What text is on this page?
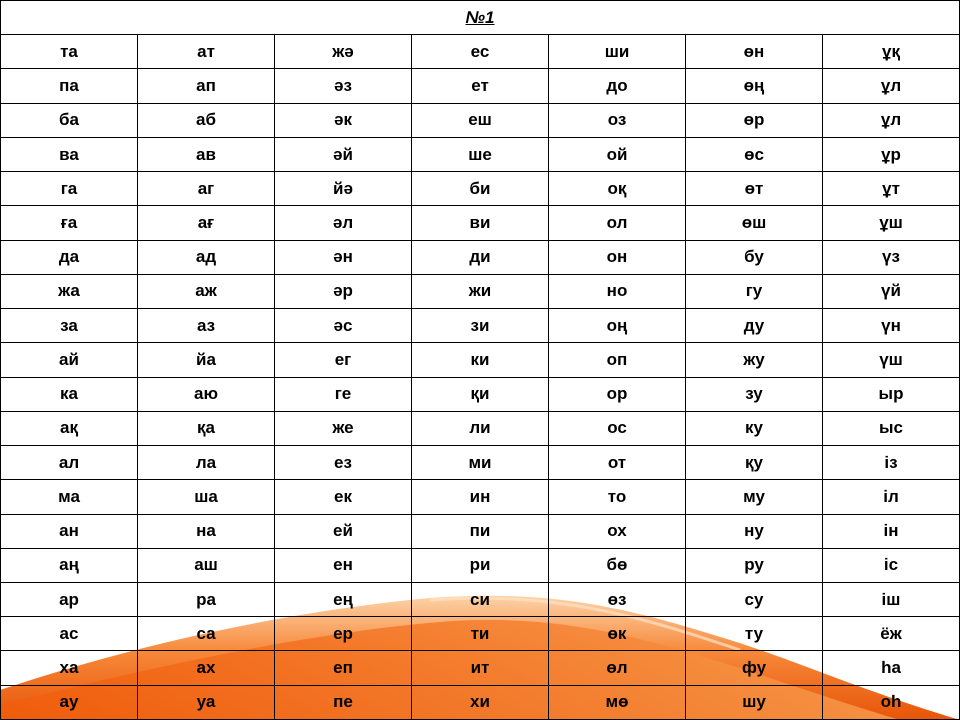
№1						
та	ат	жә	ес	ши	өн	ұқ
па	ап	әз	ет	до	өң	ұл
ба	аб	әк	еш	оз	өр	ұл
ва	ав	әй	ше	ой	өс	ұр
га	аг	йә	би	оқ	өт	ұт
ға	ағ	әл	ви	ол	өш	ұш
да	ад	ән	ди	он	бу	үз
жа	аж	әр	жи	но	гу	үй
за	аз	әс	зи	оң	ду	үн
ай	йа	ег	ки	оп	жу	үш
ка	аю	ге	қи	ор	зу	ыр
ақ	қа	же	ли	ос	ку	ыс
ал	ла	ез	ми	от	қу	із
ма	ша	ек	ин	то	му	іл
ан	на	ей	пи	ох	ну	ін
аң	аш	ен	ри	бө	ру	іс
ар	ра	ең	си	өз	су	іш
ас	са	ер	ти	өк	ту	ёж
ха	ах	еп	ит	өл	фу	һа
ау	уа	пе	хи	мө	шу	оһ
